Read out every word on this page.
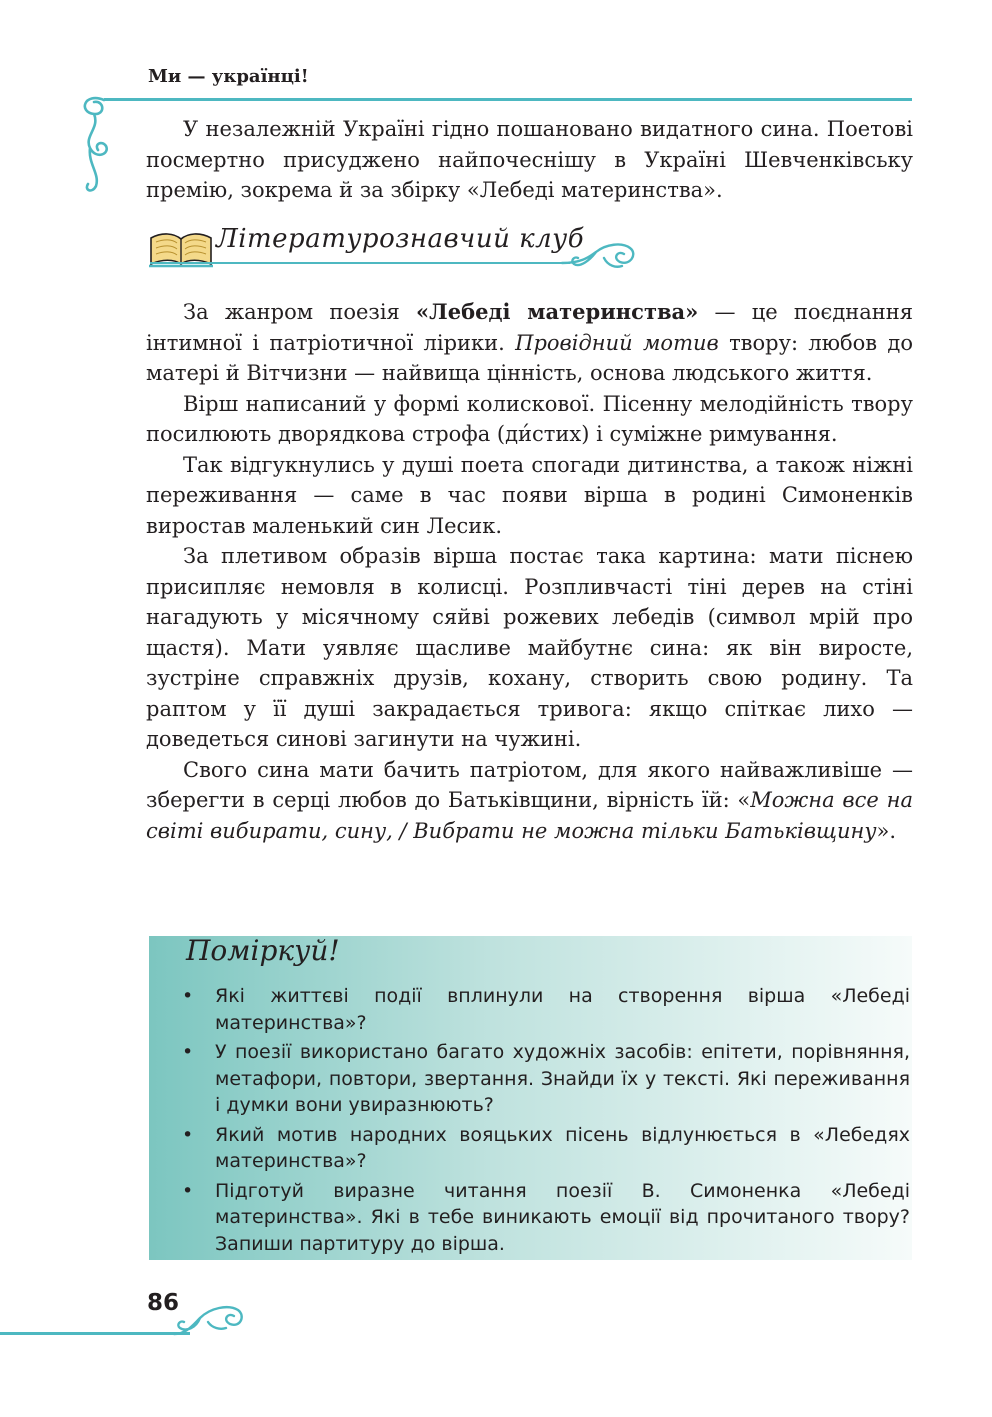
Ми — українці!

У незалежній Україні гідно пошановано видатного сина. Поетові посмертно присуджено найпочеснішу в Україні Шевченківську премію, зокрема й за збірку «Лебеді материнства».

Літературознавчий клуб

За жанром поезія «Лебеді материнства» — це поєднання інтимної і патріотичної лірики. Провідний мотив твору: любов до матері й Вітчизни — найвища цінність, основа людського життя.

Вірш написаний у формі колискової. Пісенну мелодійність твору посилюють дворядкова строфа (ди́стих) і суміжне римування.

Так відгукнулись у душі поета спогади дитинства, а також ніжні переживання — саме в час появи вірша в родині Симоненків виростав маленький син Лесик.

За плетивом образів вірша постає така картина: мати піснею присипляє немовля в колисці. Розпливчасті тіні дерев на стіні нагадують у місячному сяйві рожевих лебедів (символ мрій про щастя). Мати уявляє щасливе майбутнє сина: як він виросте, зустріне справжніх друзів, кохану, створить свою родину. Та раптом у її душі закрадається тривога: якщо спіткає лихо — доведеться синові загинути на чужині.

Свого сина мати бачить патріотом, для якого найважливіше — зберегти в серці любов до Батьківщини, вірність їй: «Можна все на світі вибирати, сину, / Вибрати не можна тільки Батьківщину».

Поміркуй!
• Які життєві події вплинули на створення вірша «Лебеді материнства»?
• У поезії використано багато художніх засобів: епітети, порівняння, метафори, повтори, звертання. Знайди їх у тексті. Які переживання і думки вони увиразнюють?
• Який мотив народних вояцьких пісень відлунюється в «Лебедях материнства»?
• Підготуй виразне читання поезії В. Симоненка «Лебеді материнства». Які в тебе виникають емоції від прочитаного твору? Запиши партитуру до вірша.
86
